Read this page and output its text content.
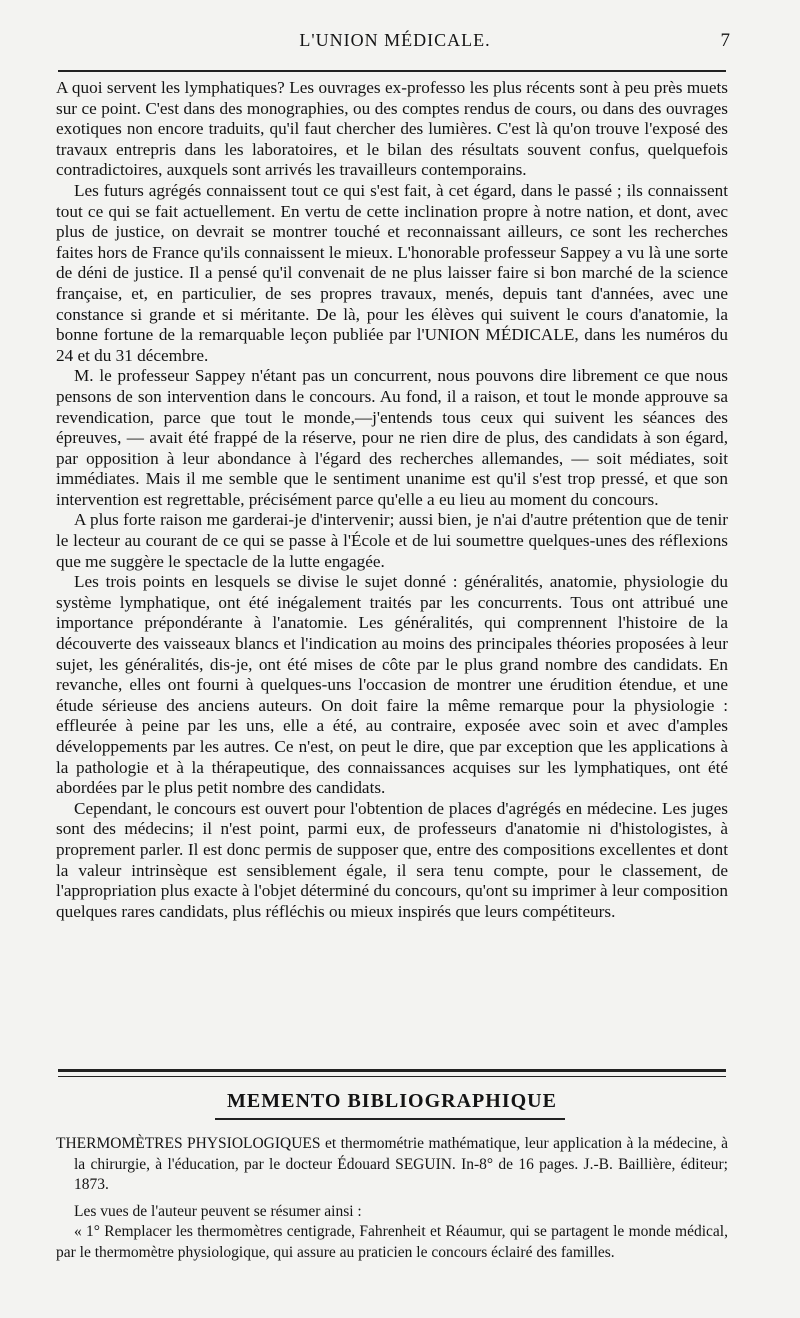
L'UNION MÉDICALE.	7

A quoi servent les lymphatiques? Les ouvrages ex-professo les plus récents sont à peu près muets sur ce point. C'est dans des monographies, ou des comptes rendus de cours, ou dans des ouvrages exotiques non encore traduits, qu'il faut chercher des lumières. C'est là qu'on trouve l'exposé des travaux entrepris dans les laboratoires, et le bilan des résultats souvent confus, quelquefois contradictoires, auxquels sont arrivés les travailleurs contemporains.

Les futurs agrégés connaissent tout ce qui s'est fait, à cet égard, dans le passé ; ils connaissent tout ce qui se fait actuellement. En vertu de cette inclination propre à notre nation, et dont, avec plus de justice, on devrait se montrer touché et reconnaissant ailleurs, ce sont les recherches faites hors de France qu'ils connaissent le mieux. L'honorable professeur Sappey a vu là une sorte de déni de justice. Il a pensé qu'il convenait de ne plus laisser faire si bon marché de la science française, et, en particulier, de ses propres travaux, menés, depuis tant d'années, avec une constance si grande et si méritante. De là, pour les élèves qui suivent le cours d'anatomie, la bonne fortune de la remarquable leçon publiée par l'UNION MÉDICALE, dans les numéros du 24 et du 31 décembre.

M. le professeur Sappey n'étant pas un concurrent, nous pouvons dire librement ce que nous pensons de son intervention dans le concours. Au fond, il a raison, et tout le monde approuve sa revendication, parce que tout le monde,—j'entends tous ceux qui suivent les séances des épreuves, — avait été frappé de la réserve, pour ne rien dire de plus, des candidats à son égard, par opposition à leur abondance à l'égard des recherches allemandes, — soit médiates, soit immédiates. Mais il me semble que le sentiment unanime est qu'il s'est trop pressé, et que son intervention est regrettable, précisément parce qu'elle a eu lieu au moment du concours.

A plus forte raison me garderai-je d'intervenir; aussi bien, je n'ai d'autre prétention que de tenir le lecteur au courant de ce qui se passe à l'École et de lui soumettre quelques-unes des réflexions que me suggère le spectacle de la lutte engagée.

Les trois points en lesquels se divise le sujet donné : généralités, anatomie, physiologie du système lymphatique, ont été inégalement traités par les concurrents. Tous ont attribué une importance prépondérante à l'anatomie. Les généralités, qui comprennent l'histoire de la découverte des vaisseaux blancs et l'indication au moins des principales théories proposées à leur sujet, les généralités, dis-je, ont été mises de côte par le plus grand nombre des candidats. En revanche, elles ont fourni à quelques-uns l'occasion de montrer une érudition étendue, et une étude sérieuse des anciens auteurs. On doit faire la même remarque pour la physiologie : effleurée à peine par les uns, elle a été, au contraire, exposée avec soin et avec d'amples développements par les autres. Ce n'est, on peut le dire, que par exception que les applications à la pathologie et à la thérapeutique, des connaissances acquises sur les lymphatiques, ont été abordées par le plus petit nombre des candidats.

Cependant, le concours est ouvert pour l'obtention de places d'agrégés en médecine. Les juges sont des médecins; il n'est point, parmi eux, de professeurs d'anatomie ni d'histologistes, à proprement parler. Il est donc permis de supposer que, entre des compositions excellentes et dont la valeur intrinsèque est sensiblement égale, il sera tenu compte, pour le classement, de l'appropriation plus exacte à l'objet déterminé du concours, qu'ont su imprimer à leur composition quelques rares candidats, plus réfléchis ou mieux inspirés que leurs compétiteurs.

MEMENTO BIBLIOGRAPHIQUE

THERMOMÈTRES PHYSIOLOGIQUES et thermométrie mathématique, leur application à la médecine, à la chirurgie, à l'éducation, par le docteur Édouard SEGUIN. In-8° de 16 pages. J.-B. Baillière, éditeur; 1873.

Les vues de l'auteur peuvent se résumer ainsi :

« 1° Remplacer les thermomètres centigrade, Fahrenheit et Réaumur, qui se partagent le monde médical, par le thermomètre physiologique, qui assure au praticien le concours éclairé des familles.
